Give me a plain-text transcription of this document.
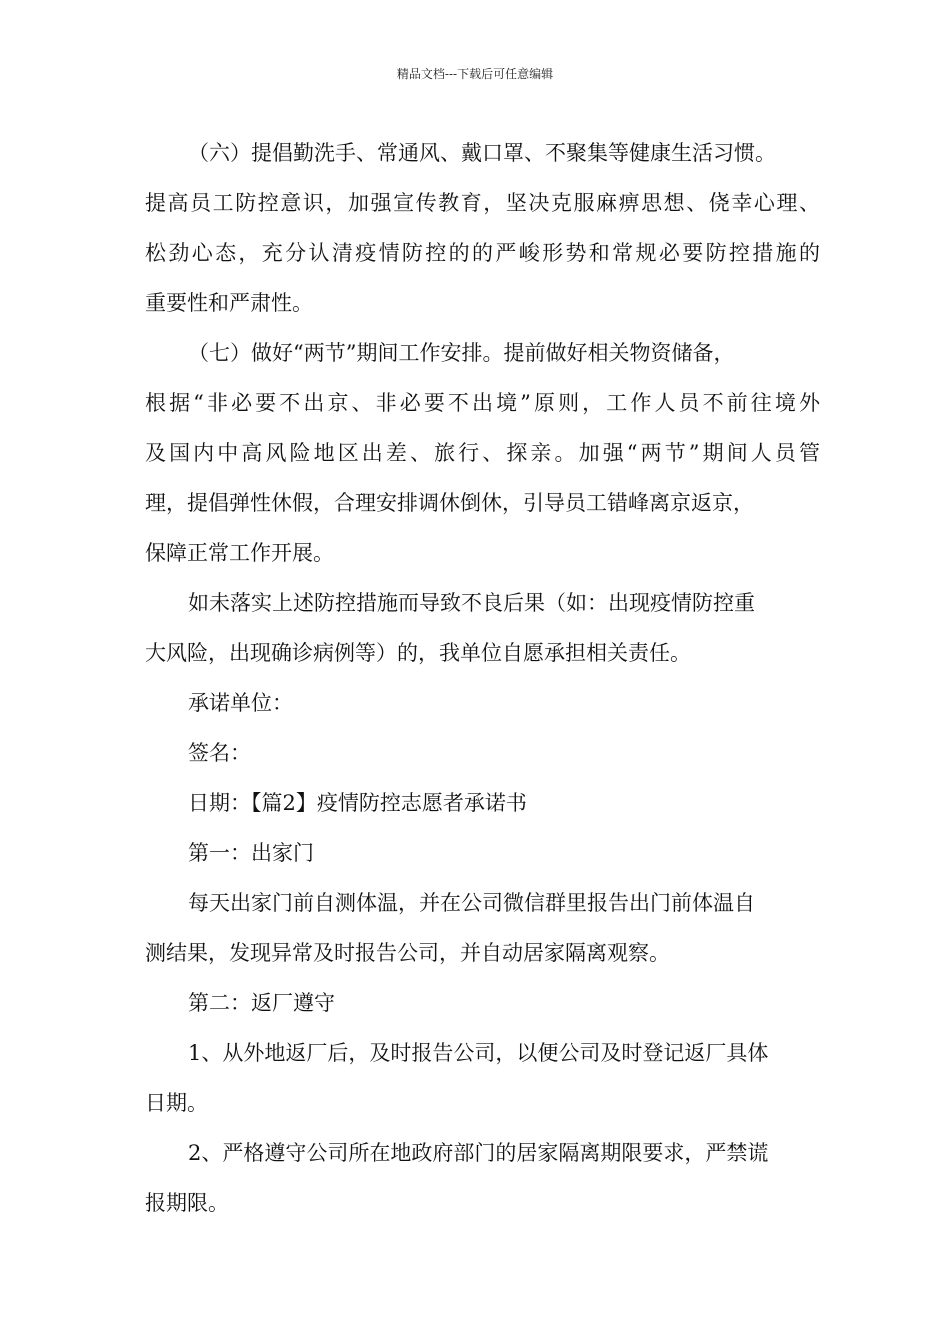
精品文档---下载后可任意编辑
（六）提倡勤洗手、常通风、戴口罩、不聚集等健康生活习惯。
提高员工防控意识，加强宣传教育，坚决克服麻痹思想、侥幸心理、
松劲心态，充分认清疫情防控的的严峻形势和常规必要防控措施的
重要性和严肃性。
（七）做好“两节”期间工作安排。提前做好相关物资储备，
根据“非必要不出京、非必要不出境”原则，工作人员不前往境外
及国内中高风险地区出差、旅行、探亲。加强“两节”期间人员管
理，提倡弹性休假，合理安排调休倒休，引导员工错峰离京返京，
保障正常工作开展。
如未落实上述防控措施而导致不良后果（如：出现疫情防控重
大风险，出现确诊病例等）的，我单位自愿承担相关责任。
承诺单位：
签名：
日期：【篇2】疫情防控志愿者承诺书
第一：出家门
每天出家门前自测体温，并在公司微信群里报告出门前体温自
测结果，发现异常及时报告公司，并自动居家隔离观察。
第二：返厂遵守
1、从外地返厂后，及时报告公司，以便公司及时登记返厂具体
日期。
2、严格遵守公司所在地政府部门的居家隔离期限要求，严禁谎
报期限。
